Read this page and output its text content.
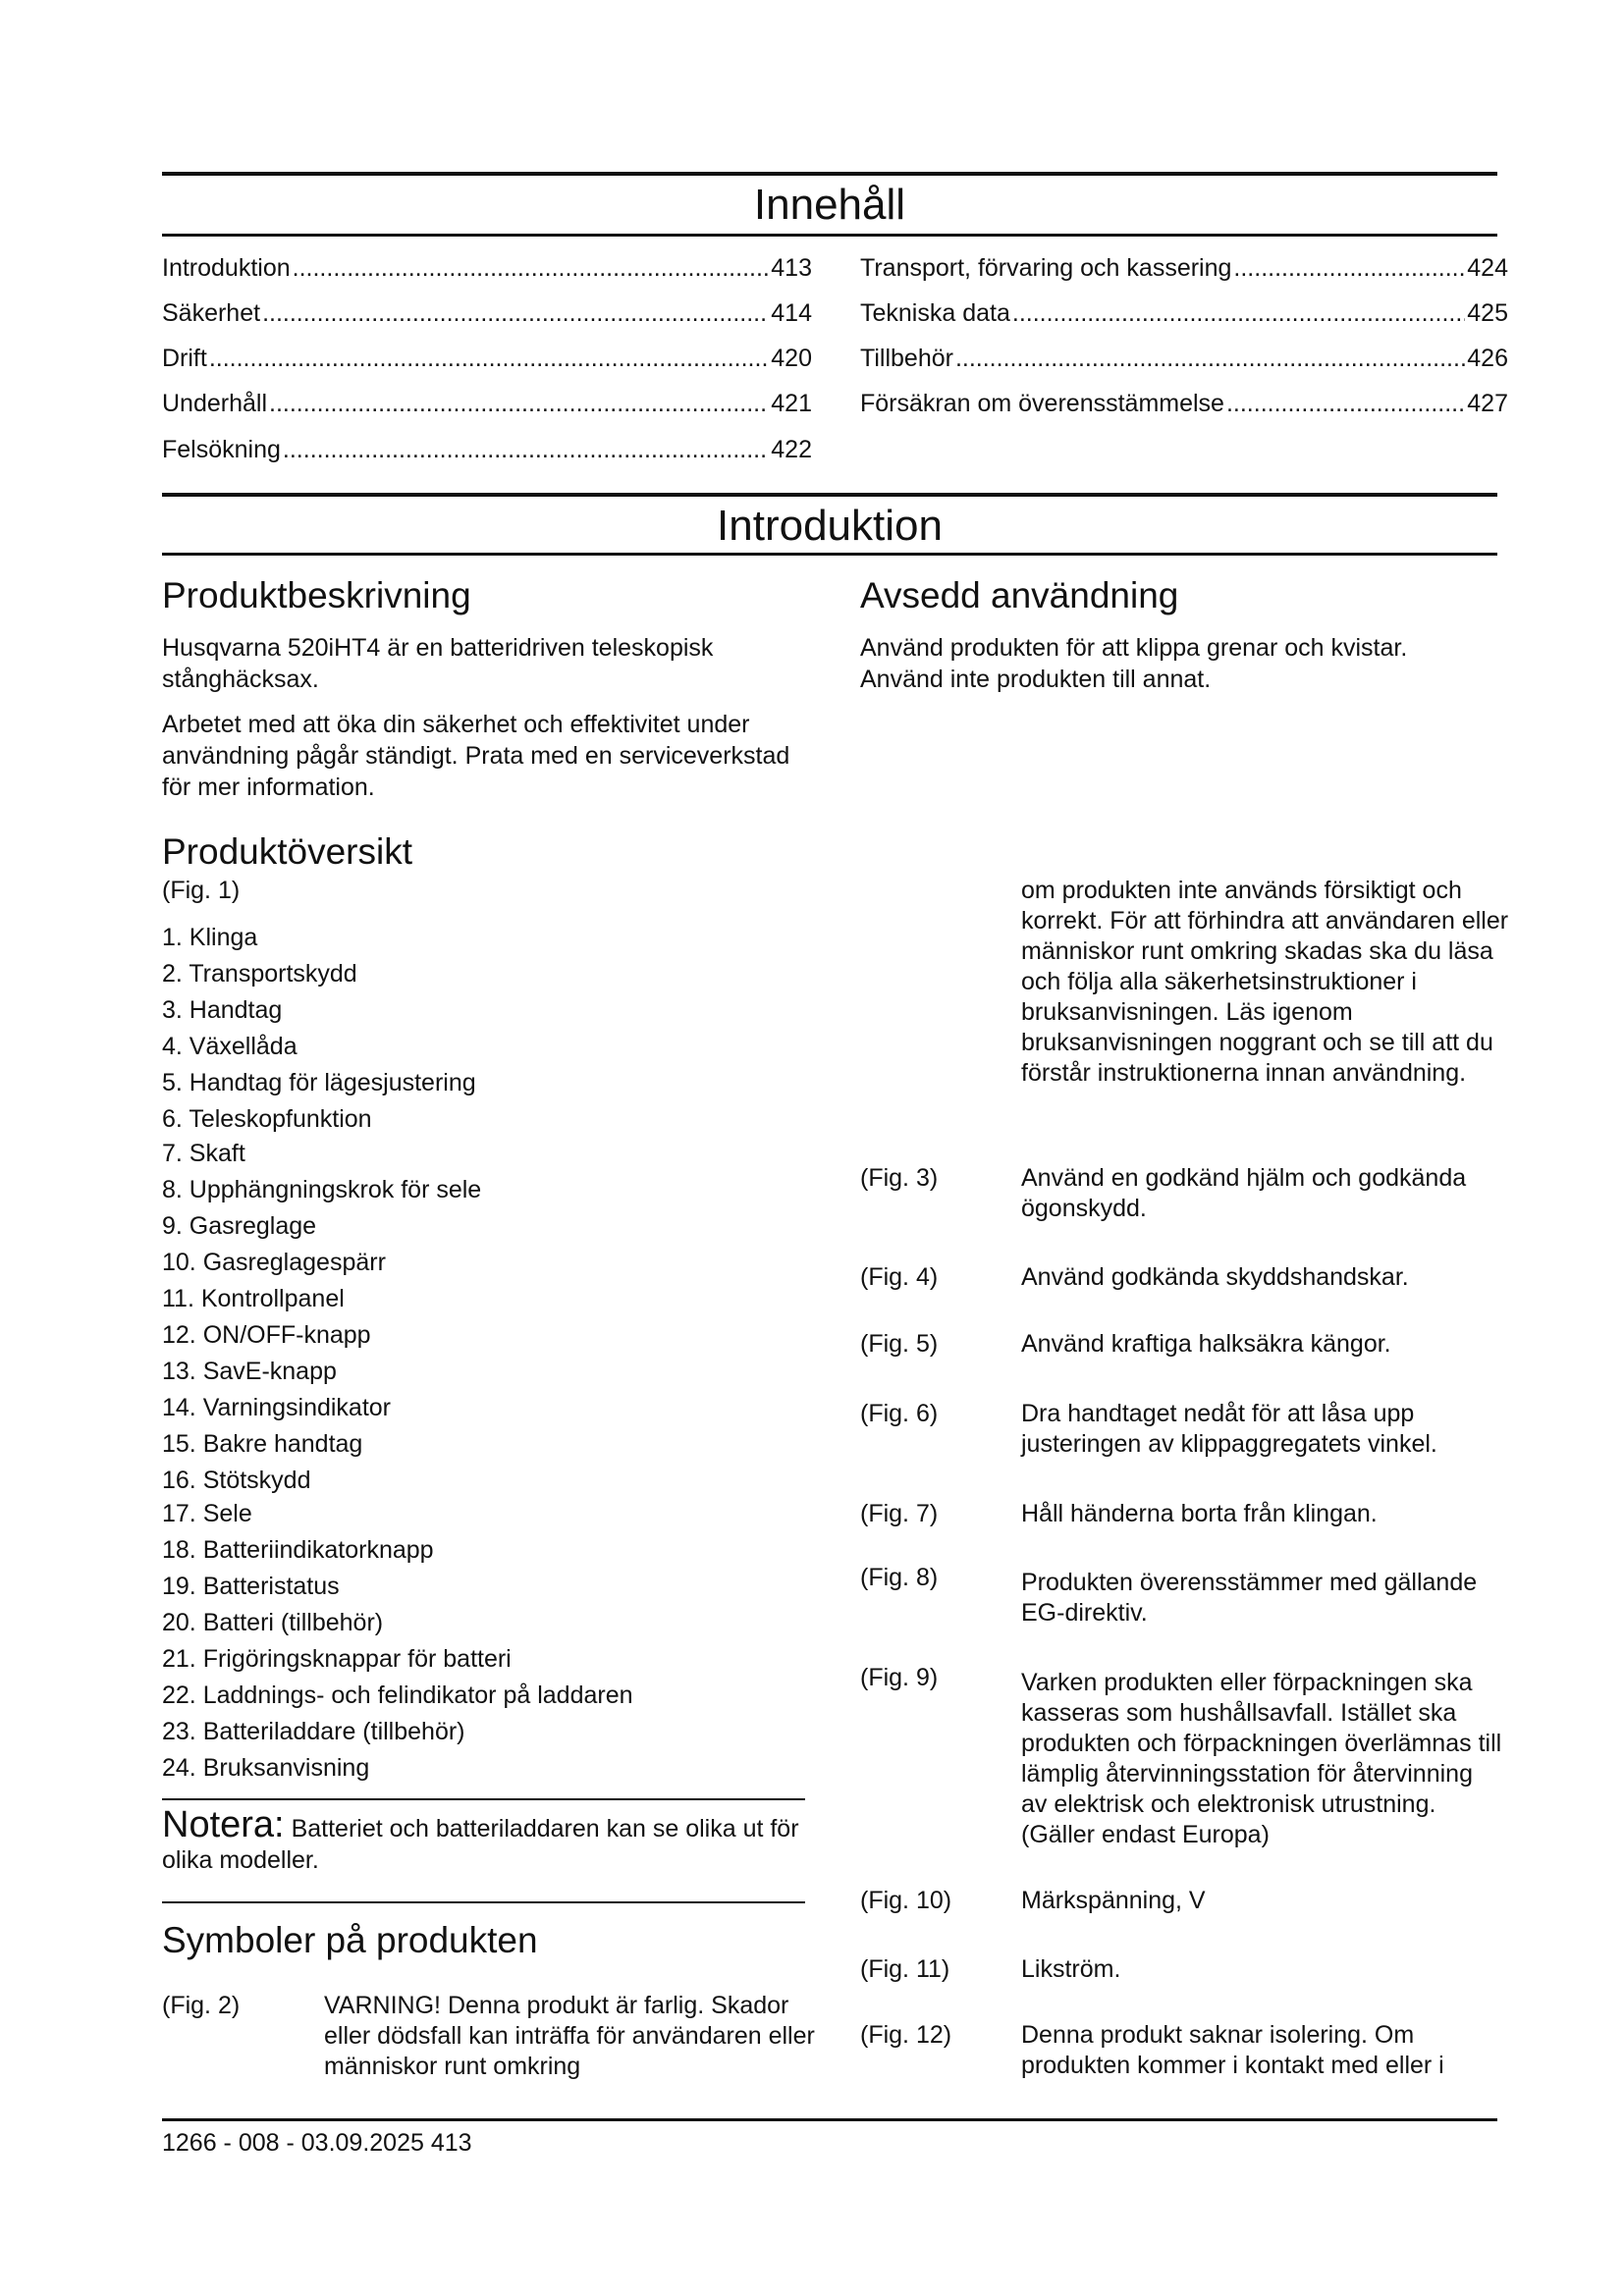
Innehåll
Introduktion .....	413
Säkerhet .....	414
Drift .....	420
Underhåll .....	421
Felsökning .....	422
Transport, förvaring och kassering .....	424
Tekniska data .....	425
Tillbehör .....	426
Försäkran om överensstämmelse .....	427
Introduktion
Produktbeskrivning
Husqvarna 520iHT4 är en batteridriven teleskopisk stånghäcksax.
Arbetet med att öka din säkerhet och effektivitet under användning pågår ständigt. Prata med en serviceverkstad för mer information.
Produktöversikt
(Fig. 1)
1. Klinga
2. Transportskydd
3. Handtag
4. Växellåda
5. Handtag för lägesjustering
6. Teleskopfunktion
7. Skaft
8. Upphängningskrok för sele
9. Gasreglage
10. Gasreglagespärr
11. Kontrollpanel
12. ON/OFF-knapp
13. SavE-knapp
14. Varningsindikator
15. Bakre handtag
16. Stötskydd
17. Sele
18. Batteriindikatorknapp
19. Batteristatus
20. Batteri (tillbehör)
21. Frigöringsknappar för batteri
22. Laddnings- och felindikator på laddaren
23. Batteriladdare (tillbehör)
24. Bruksanvisning
Notera: Batteriet och batteriladdaren kan se olika ut för olika modeller.
Symboler på produkten
(Fig. 2)	VARNING! Denna produkt är farlig. Skador eller dödsfall kan inträffa för användaren eller människor runt omkring
Avsedd användning
Använd produkten för att klippa grenar och kvistar. Använd inte produkten till annat.
om produkten inte används försiktigt och korrekt. För att förhindra att användaren eller människor runt omkring skadas ska du läsa och följa alla säkerhetsinstruktioner i bruksanvisningen. Läs igenom bruksanvisningen noggrant och se till att du förstår instruktionerna innan användning.
(Fig. 3)	Använd en godkänd hjälm och godkända ögonskydd.
(Fig. 4)	Använd godkända skyddshandskar.
(Fig. 5)	Använd kraftiga halksäkra kängor.
(Fig. 6)	Dra handtaget nedåt för att låsa upp justeringen av klippaggregatets vinkel.
(Fig. 7)	Håll händerna borta från klingan.
(Fig. 8)	Produkten överensstämmer med gällande EG-direktiv.
(Fig. 9)	Varken produkten eller förpackningen ska kasseras som hushållsavfall. Istället ska produkten och förpackningen överlämnas till lämplig återvinningsstation för återvinning av elektrisk och elektronisk utrustning. (Gäller endast Europa)
(Fig. 10)	Märkspänning, V
(Fig. 11)	Likström.
(Fig. 12)	Denna produkt saknar isolering. Om produkten kommer i kontakt med eller i
1266 - 008 - 03.09.2025 413
